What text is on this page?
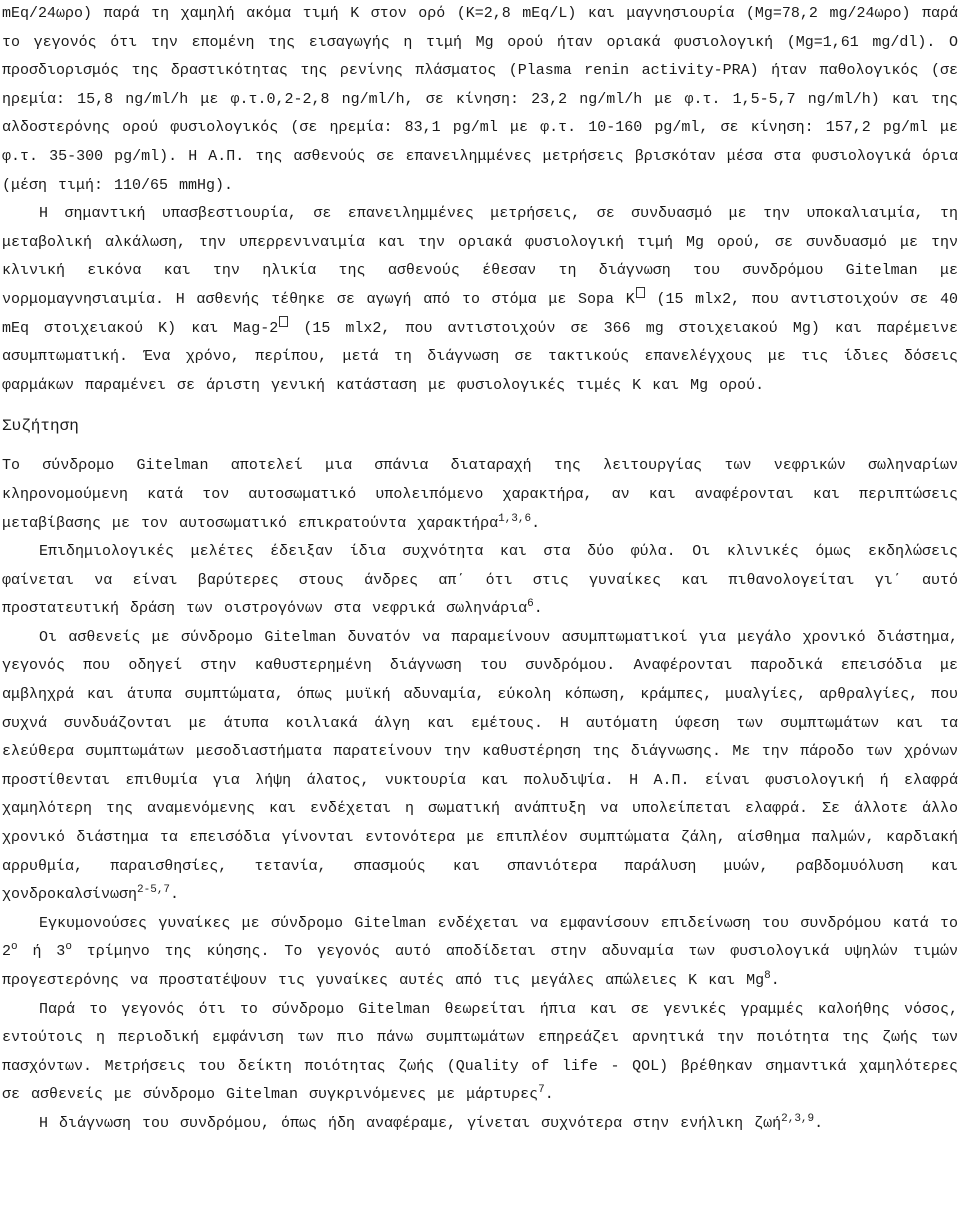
mEq/24ωρο) παρά τη χαμηλή ακόμα τιμή Κ στον ορό (Κ=2,8 mEq/L) και μαγνησιουρία (Mg=78,2 mg/24ωρο) παρά το γεγονός ότι την επομένη της εισαγωγής η τιμή Mg ορού ήταν οριακά φυσιολογική (Mg=1,61 mg/dl). Ο προσδιορισμός της δραστικότητας της ρενίνης πλάσματος (Plasma renin activity-PRA) ήταν παθολογικός (σε ηρεμία: 15,8 ng/ml/h με φ.τ.0,2-2,8 ng/ml/h, σε κίνηση: 23,2 ng/ml/h με φ.τ. 1,5-5,7 ng/ml/h) και της αλδοστερόνης ορού φυσιολογικός (σε ηρεμία: 83,1 pg/ml με φ.τ. 10-160 pg/ml, σε κίνηση: 157,2 pg/ml με φ.τ. 35-300 pg/ml). Η Α.Π. της ασθενούς σε επανειλημμένες μετρήσεις βρισκόταν μέσα στα φυσιολογικά όρια (μέση τιμή: 110/65 mmHg).

Η σημαντική υπασβεστιουρία, σε επανειλημμένες μετρήσεις, σε συνδυασμό με την υποκαλιαιμία, τη μεταβολική αλκάλωση, την υπερρενιναιμία και την οριακά φυσιολογική τιμή Mg ορού, σε συνδυασμό με την κλινική εικόνα και την ηλικία της ασθενούς έθεσαν τη διάγνωση του συνδρόμου Gitelman με νορμομαγνησιαιμία. Η ασθενής τέθηκε σε αγωγή από το στόμα με Sopa K (15 mlx2, που αντιστοιχούν σε 40 mEq στοιχειακού Κ) και Mag-2 (15 mlx2, που αντιστοιχούν σε 366 mg στοιχειακού Mg) και παρέμεινε ασυμπτωματική. Ένα χρόνο, περίπου, μετά τη διάγνωση σε τακτικούς επανελέγχους με τις ίδιες δόσεις φαρμάκων παραμένει σε άριστη γενική κατάσταση με φυσιολογικές τιμές Κ και Mg ορού.

Συζήτηση

Το σύνδρομο Gitelman αποτελεί μια σπάνια διαταραχή της λειτουργίας των νεφρικών σωληναρίων κληρονομούμενη κατά τον αυτοσωματικό υπολειπόμενο χαρακτήρα, αν και αναφέρονται και περιπτώσεις μεταβίβασης με τον αυτοσωματικό επικρατούντα χαρακτήρα$^{1,3,6}$.

Επιδημιολογικές μελέτες έδειξαν ίδια συχνότητα και στα δύο φύλα. Οι κλινικές όμως εκδηλώσεις φαίνεται να είναι βαρύτερες στους άνδρες απ΄ ότι στις γυναίκες και πιθανολογείται γι΄ αυτό προστατευτική δράση των οιστρογόνων στα νεφρικά σωληνάρια$^6$.

Οι ασθενείς με σύνδρομο Gitelman δυνατόν να παραμείνουν ασυμπτωματικοί για μεγάλο χρονικό διάστημα, γεγονός που οδηγεί στην καθυστερημένη διάγνωση του συνδρόμου. Αναφέρονται παροδικά επεισόδια με αμβληχρά και άτυπα συμπτώματα, όπως μυϊκή αδυναμία, εύκολη κόπωση, κράμπες, μυαλγίες, αρθραλγίες, που συχνά συνδυάζονται με άτυπα κοιλιακά άλγη και εμέτους. Η αυτόματη ύφεση των συμπτωμάτων και τα ελεύθερα συμπτωμάτων μεσοδιαστήματα παρατείνουν την καθυστέρηση της διάγνωσης. Με την πάροδο των χρόνων προστίθενται επιθυμία για λήψη άλατος, νυκτουρία και πολυδιψία. Η Α.Π. είναι φυσιολογική ή ελαφρά χαμηλότερη της αναμενόμενης και ενδέχεται η σωματική ανάπτυξη να υπολείπεται ελαφρά. Σε άλλοτε άλλο χρονικό διάστημα τα επεισόδια γίνονται εντονότερα με επιπλέον συμπτώματα ζάλη, αίσθημα παλμών, καρδιακή αρρυθμία, παραισθησίες, τετανία, σπασμούς και σπανιότερα παράλυση μυών, ραβδομυόλυση και χονδροκαλσίνωση$^{2-5,7}$.

Εγκυμονούσες γυναίκες με σύνδρομο Gitelman ενδέχεται να εμφανίσουν επιδείνωση του συνδρόμου κατά το $2^o$ ή $3^o$ τρίμηνο της κύησης. Το γεγονός αυτό αποδίδεται στην αδυναμία των φυσιολογικά υψηλών τιμών προγεστερόνης να προστατέψουν τις γυναίκες αυτές από τις μεγάλες απώλειες Κ και Mg$^8$.

Παρά το γεγονός ότι το σύνδρομο Gitelman θεωρείται ήπια και σε γενικές γραμμές καλοήθης νόσος, εντούτοις η περιοδική εμφάνιση των πιο πάνω συμπτωμάτων επηρεάζει αρνητικά την ποιότητα της ζωής των πασχόντων. Μετρήσεις του δείκτη ποιότητας ζωής (Quality of life - QOL) βρέθηκαν σημαντικά χαμηλότερες σε ασθενείς με σύνδρομο Gitelman συγκρινόμενες με μάρτυρες$^7$.

Η διάγνωση του συνδρόμου, όπως ήδη αναφέραμε, γίνεται συχνότερα στην ενήλικη ζωή$^{2,3,9}$.
